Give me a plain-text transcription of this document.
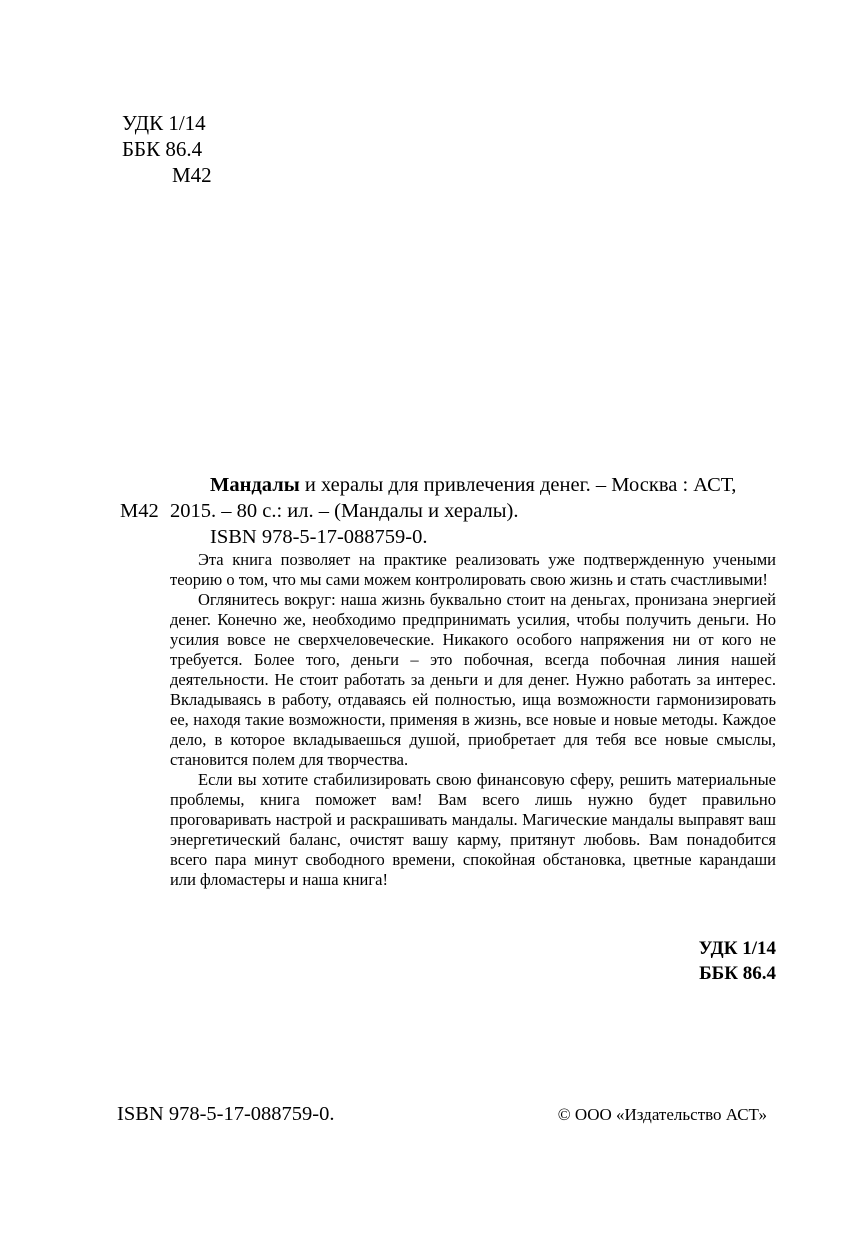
УДК 1/14
ББК 86.4
М42
Мандалы и хералы для привлечения денег. – Москва : АСТ,
М42 2015. – 80 с.: ил. – (Мандалы и хералы).
ISBN 978-5-17-088759-0.

Эта книга позволяет на практике реализовать уже подтвержденную учеными теорию о том, что мы сами можем контролировать свою жизнь и стать счастливыми!

Оглянитесь вокруг: наша жизнь буквально стоит на деньгах, пронизана энергией денег. Конечно же, необходимо предпринимать усилия, чтобы получить деньги. Но усилия вовсе не сверхчеловеческие. Никакого особого напряжения ни от кого не требуется. Более того, деньги – это побочная, всегда побочная линия нашей деятельности. Не стоит работать за деньги и для денег. Нужно работать за интерес. Вкладываясь в работу, отдаваясь ей полностью, ища возможности гармонизировать ее, находя такие возможности, применяя в жизнь, все новые и новые методы. Каждое дело, в которое вкладываешься душой, приобретает для тебя все новые смыслы, становится полем для творчества.

Если вы хотите стабилизировать свою финансовую сферу, решить материальные проблемы, книга поможет вам! Вам всего лишь нужно будет правильно проговаривать настрой и раскрашивать мандалы. Магические мандалы выправят ваш энергетический баланс, очистят вашу карму, притянут любовь. Вам понадобится всего пара минут свободного времени, спокойная обстановка, цветные карандаши или фломастеры и наша книга!

УДК 1/14
ББК 86.4
ISBN 978-5-17-088759-0.	© ООО «Издательство АСТ»
